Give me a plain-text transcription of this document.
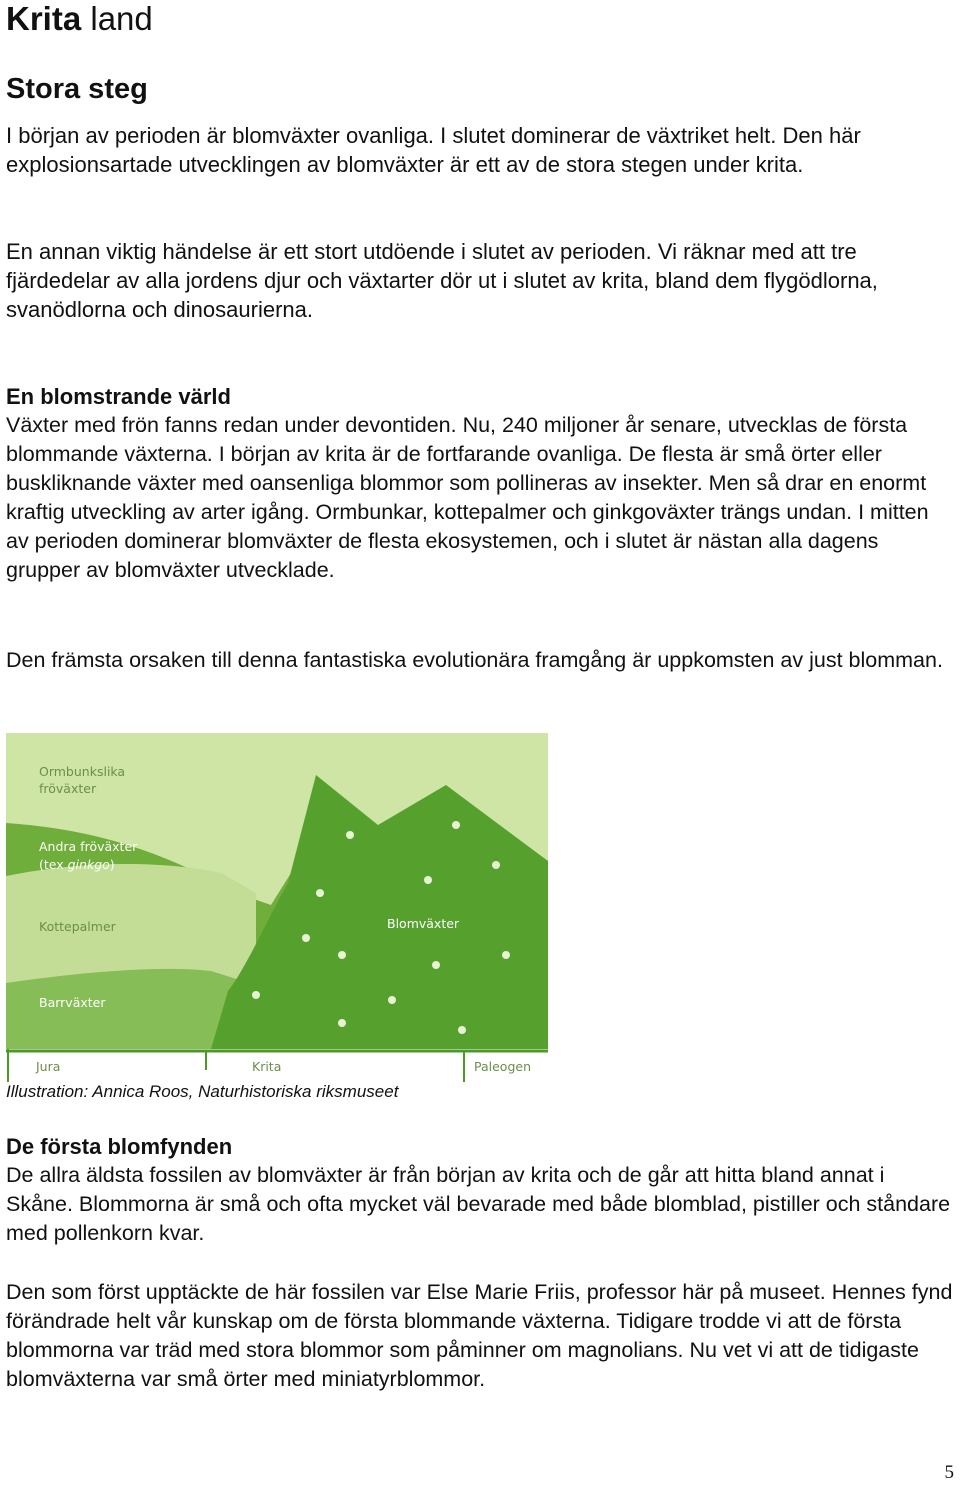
Krita land
Stora steg

I början av perioden är blomväxter ovanliga. I slutet dominerar de växtriket helt. Den här explosionsartade utvecklingen av blomväxter är ett av de stora stegen under krita.

En annan viktig händelse är ett stort utdöende i slutet av perioden. Vi räknar med att tre fjärdedelar av alla jordens djur och växtarter dör ut i slutet av krita, bland dem flygödlorna, svanödlorna och dinosaurierna.

En blomstrande värld

Växter med frön fanns redan under devontiden. Nu, 240 miljoner år senare, utvecklas de första blommande växterna. I början av krita är de fortfarande ovanliga. De flesta är små örter eller buskliknande växter med oansenliga blommor som pollineras av insekter. Men så drar en enormt kraftig utveckling av arter igång. Ormbunkar, kottepalmer och ginkgoväxter trängs undan. I mitten av perioden dominerar blomväxter de flesta ekosystemen, och i slutet är nästan alla dagens grupper av blomväxter utvecklade.

Den främsta orsaken till denna fantastiska evolutionära framgång är uppkomsten av just blomman.

Ormbunkslika
fröväxter
Andra fröväxter
(tex ginkgo)
Kottepalmer	Blomväxter
Barrväxter
Jura	Krita	Paleogen

Illustration: Annica Roos, Naturhistoriska riksmuseet

De första blomfynden

De allra äldsta fossilen av blomväxter är från början av krita och de går att hitta bland annat i Skåne. Blommorna är små och ofta mycket väl bevarade med både blomblad, pistiller och ståndare med pollenkorn kvar.

Den som först upptäckte de här fossilen var Else Marie Friis, professor här på museet. Hennes fynd förändrade helt vår kunskap om de första blommande växterna. Tidigare trodde vi att de första blommorna var träd med stora blommor som påminner om magnolians. Nu vet vi att de tidigaste blomväxterna var små örter med miniatyrblommor.

5
